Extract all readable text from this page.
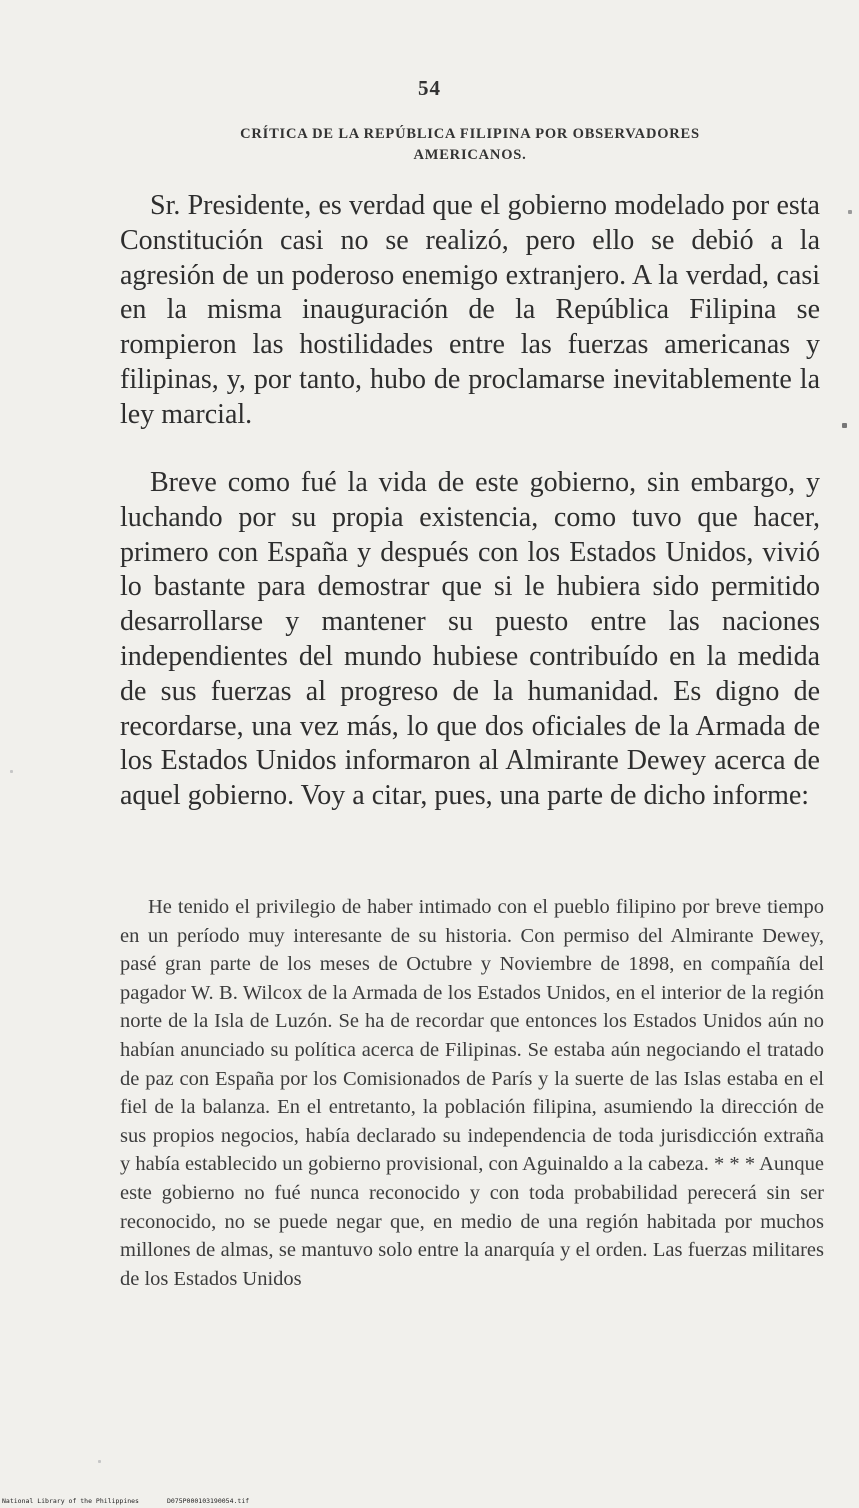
54
CRÍTICA DE LA REPÚBLICA FILIPINA POR OBSERVADORES
AMERICANOS.

Sr. Presidente, es verdad que el gobierno modelado por esta Constitución casi no se realizó, pero ello se debió a la agresión de un poderoso enemigo extranjero. A la verdad, casi en la misma inauguración de la República Filipina se rompieron las hostilidades entre las fuerzas americanas y filipinas, y, por tanto, hubo de proclamarse inevitablemente la ley marcial.

Breve como fué la vida de este gobierno, sin embargo, y luchando por su propia existencia, como tuvo que hacer, primero con España y después con los Estados Unidos, vivió lo bastante para demostrar que si le hubiera sido permitido desarrollarse y mantener su puesto entre las naciones independientes del mundo hubiese contribuído en la medida de sus fuerzas al progreso de la humanidad. Es digno de recordarse, una vez más, lo que dos oficiales de la Armada de los Estados Unidos informaron al Almirante Dewey acerca de aquel gobierno. Voy a citar, pues, una parte de dicho informe:

He tenido el privilegio de haber intimado con el pueblo filipino por breve tiempo en un período muy interesante de su historia. Con permiso del Almirante Dewey, pasé gran parte de los meses de Octubre y Noviembre de 1898, en compañía del pagador W. B. Wilcox de la Armada de los Estados Unidos, en el interior de la región norte de la Isla de Luzón. Se ha de recordar que entonces los Estados Unidos aún no habían anunciado su política acerca de Filipinas. Se estaba aún negociando el tratado de paz con España por los Comisionados de París y la suerte de las Islas estaba en el fiel de la balanza. En el entretanto, la población filipina, asumiendo la dirección de sus propios negocios, había declarado su independencia de toda jurisdicción extraña y había establecido un gobierno provisional, con Aguinaldo a la cabeza. * * * Aunque este gobierno no fué nunca reconocido y con toda probabilidad perecerá sin ser reconocido, no se puede negar que, en medio de una región habitada por muchos millones de almas, se mantuvo solo entre la anarquía y el orden. Las fuerzas militares de los Estados Unidos

National Library of the Philippines	D075P000103190054.tif
